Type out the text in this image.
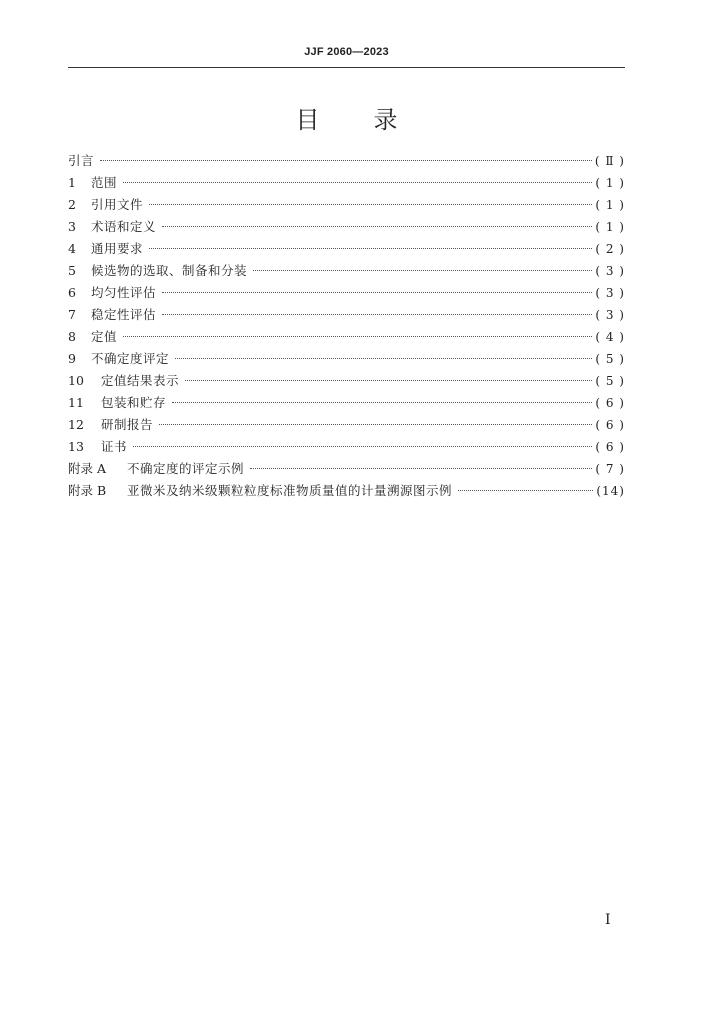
JJF 2060—2023
目 录
引言	( Ⅱ )
1	范围	( 1 )
2	引用文件	( 1 )
3	术语和定义	( 1 )
4	通用要求	( 2 )
5	候选物的选取、制备和分装	( 3 )
6	均匀性评估	( 3 )
7	稳定性评估	( 3 )
8	定值	( 4 )
9	不确定度评定	( 5 )
10	定值结果表示	( 5 )
11	包装和贮存	( 6 )
12	研制报告	( 6 )
13	证书	( 6 )
附录 A	不确定度的评定示例	( 7 )
附录 B	亚微米及纳米级颗粒粒度标准物质量值的计量溯源图示例	(14)
Ⅰ
